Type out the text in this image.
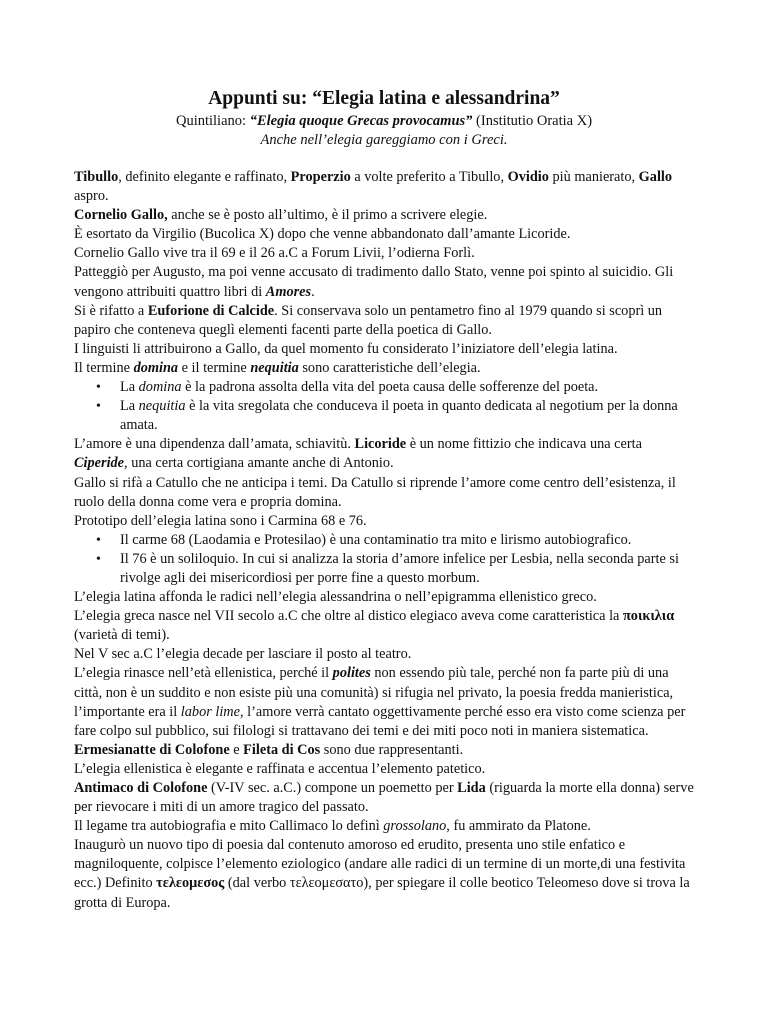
Appunti su: “Elegia latina e alessandrina”

Quintiliano: “Elegia quoque Grecas provocamus” (Institutio Oratia X)

Anche nell’elegia gareggiamo con i Greci.

Tibullo, definito elegante e raffinato, Properzio a volte preferito a Tibullo, Ovidio più manierato, Gallo aspro.

Cornelio Gallo, anche se è posto all’ultimo, è il primo a scrivere elegie.

È esortato da Virgilio (Bucolica X) dopo che venne abbandonato dall’amante Licoride.

Cornelio Gallo vive tra il 69 e il 26 a.C a Forum Livii, l’odierna Forlì.

Patteggiò per Augusto, ma poi venne accusato di tradimento dallo Stato, venne poi spinto al suicidio. Gli vengono attribuiti quattro libri di Amores.

Si è rifatto a Euforione di Calcide. Si conservava solo un pentametro fino al 1979 quando si scoprì un papiro che conteneva queglì elementi facenti parte della poetica di Gallo.

I linguisti li attribuirono a Gallo, da quel momento fu considerato l’iniziatore dell’elegia latina.

Il termine domina e il termine nequitia sono caratteristiche dell’elegia.

• La domina è la padrona assolta della vita del poeta causa delle sofferenze del poeta.
• La nequitia è la vita sregolata che conduceva il poeta in quanto dedicata al negotium per la donna amata.

L’amore è una dipendenza dall’amata, schiavitù. Licoride è un nome fittizio che indicava una certa Ciperide, una certa cortigiana amante anche di Antonio.

Gallo si rifà a Catullo che ne anticipa i temi. Da Catullo si riprende l’amore come centro dell’esistenza, il ruolo della donna come vera e propria domina.

Prototipo dell’elegia latina sono i Carmina 68 e 76.

• Il carme 68 (Laodamia e Protesilao) è una contaminatio tra mito e lirismo autobiografico.
• Il 76 è un soliloquio. In cui si analizza la storia d’amore infelice per Lesbia, nella seconda parte si rivolge agli dei misericordiosi per porre fine a questo morbum.

L’elegia latina affonda le radici nell’elegia alessandrina o nell’epigramma ellenistico greco.

L’elegia greca nasce nel VII secolo a.C che oltre al distico elegiaco aveva come caratteristica la ποικιλια (varietà di temi).

Nel V sec a.C l’elegia decade per lasciare il posto al teatro.

L’elegia rinasce nell’età ellenistica, perché il polites non essendo più tale, perché non fa parte più di una città, non è un suddito e non esiste più una comunità) si rifugia nel privato, la poesia fredda manieristica, l’importante era il labor lime, l’amore verrà cantato oggettivamente perché esso era visto come scienza per fare colpo sul pubblico, sui filologi si trattavano dei temi e dei miti poco noti in maniera sistematica.

Ermesianatte di Colofone e Fileta di Cos sono due rappresentanti.

L’elegia ellenistica è elegante e raffinata e accentua l’elemento patetico.

Antimaco di Colofone (V-IV sec. a.C.) compone un poemetto per Lida (riguarda la morte ella donna) serve per rievocare i miti di un amore tragico del passato.

Il legame tra autobiografia e mito Callimaco lo definì grossolano, fu ammirato da Platone.

Inaugurò un nuovo tipo di poesia dal contenuto amoroso ed erudito, presenta uno stile enfatico e magniloquente, colpisce l’elemento eziologico (andare alle radici di un termine di un morte,di una festivita ecc.) Definito τελεομεσος (dal verbo τελεομεσατο), per spiegare il colle beotico Teleomeso dove si trova la grotta di Europa.
